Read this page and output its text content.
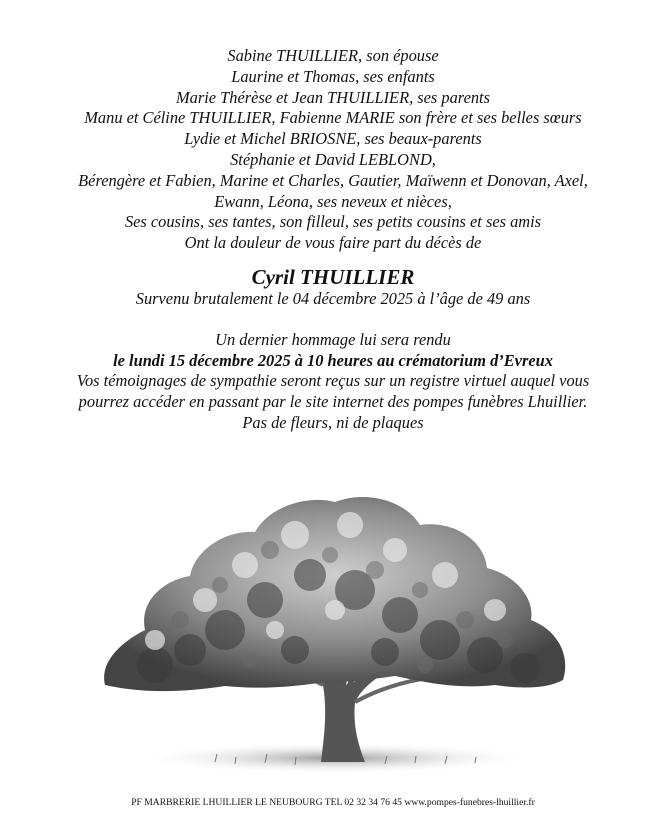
Sabine THUILLIER, son épouse
Laurine et Thomas, ses enfants
Marie Thérèse et Jean THUILLIER, ses parents
Manu et Céline THUILLIER, Fabienne MARIE son frère et ses belles sœurs
Lydie et Michel BRIOSNE, ses beaux-parents
Stéphanie et David LEBLOND,
Bérengère et Fabien, Marine et Charles, Gautier, Maïwenn et Donovan, Axel,
Ewann, Léona, ses neveux et nièces,
Ses cousins, ses tantes, son filleul, ses petits cousins et ses amis
Ont la douleur de vous faire part du décès de
Cyril THUILLIER
Survenu brutalement le 04 décembre 2025 à l’âge de 49 ans
Un dernier hommage lui sera rendu
le lundi 15 décembre 2025 à 10 heures au crématorium d’Evreux
Vos témoignages de sympathie seront reçus sur un registre virtuel auquel vous
pourrez accéder en passant par le site internet des pompes funèbres Lhuillier.
Pas de fleurs, ni de plaques
PF MARBRERIE LHUILLIER LE NEUBOURG TEL 02 32 34 76 45 www.pompes-funebres-lhuillier.fr
